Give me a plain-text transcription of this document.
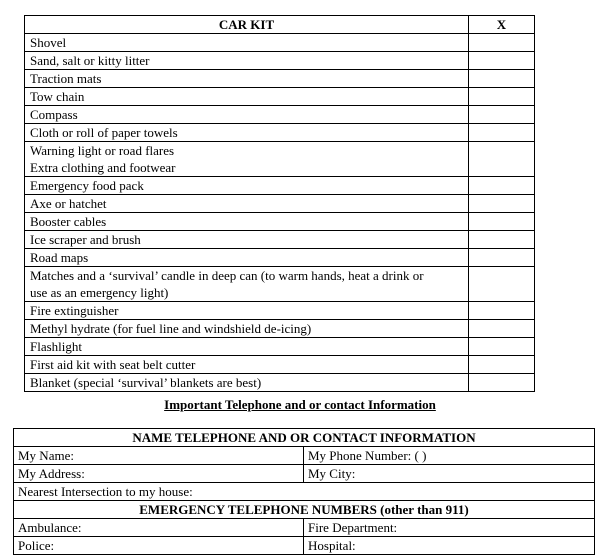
CAR KIT	X

Shovel	

Sand, salt or kitty litter	

Traction mats	

Tow chain	

Compass	

Cloth or roll of paper towels	

Warning light or road flares
Extra clothing and footwear	

Emergency food pack	

Axe or hatchet	

Booster cables	

Ice scraper and brush	

Road maps	

Matches and a ‘survival’ candle in deep can (to warm hands, heat a drink or
use as an emergency light)	

Fire extinguisher	

Methyl hydrate (for fuel line and windshield de-icing)	

Flashlight	

First aid kit with seat belt cutter	

Blanket (special ‘survival’ blankets are best)	

Important Telephone and or contact Information
NAME TELEPHONE AND OR CONTACT INFORMATION	
My Name:	My Phone Number: ( )
My Address:	My City:
Nearest Intersection to my house:	
EMERGENCY TELEPHONE NUMBERS (other than 911)	
Ambulance:	Fire Department:
Police:	Hospital:
